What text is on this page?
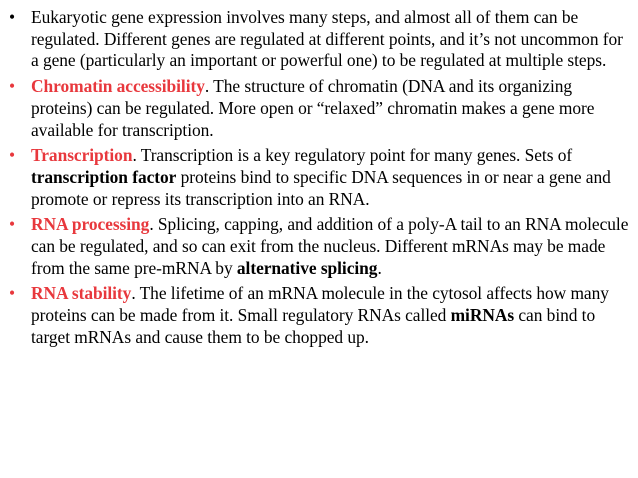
• Eukaryotic gene expression involves many steps, and almost all of them can be regulated. Different genes are regulated at different points, and it’s not uncommon for a gene (particularly an important or powerful one) to be regulated at multiple steps.
• Chromatin accessibility. The structure of chromatin (DNA and its organizing proteins) can be regulated. More open or “relaxed” chromatin makes a gene more available for transcription.
• Transcription. Transcription is a key regulatory point for many genes. Sets of transcription factor proteins bind to specific DNA sequences in or near a gene and promote or repress its transcription into an RNA.
• RNA processing. Splicing, capping, and addition of a poly-A tail to an RNA molecule can be regulated, and so can exit from the nucleus. Different mRNAs may be made from the same pre-mRNA by alternative splicing.
• RNA stability. The lifetime of an mRNA molecule in the cytosol affects how many proteins can be made from it. Small regulatory RNAs called miRNAs can bind to target mRNAs and cause them to be chopped up.
